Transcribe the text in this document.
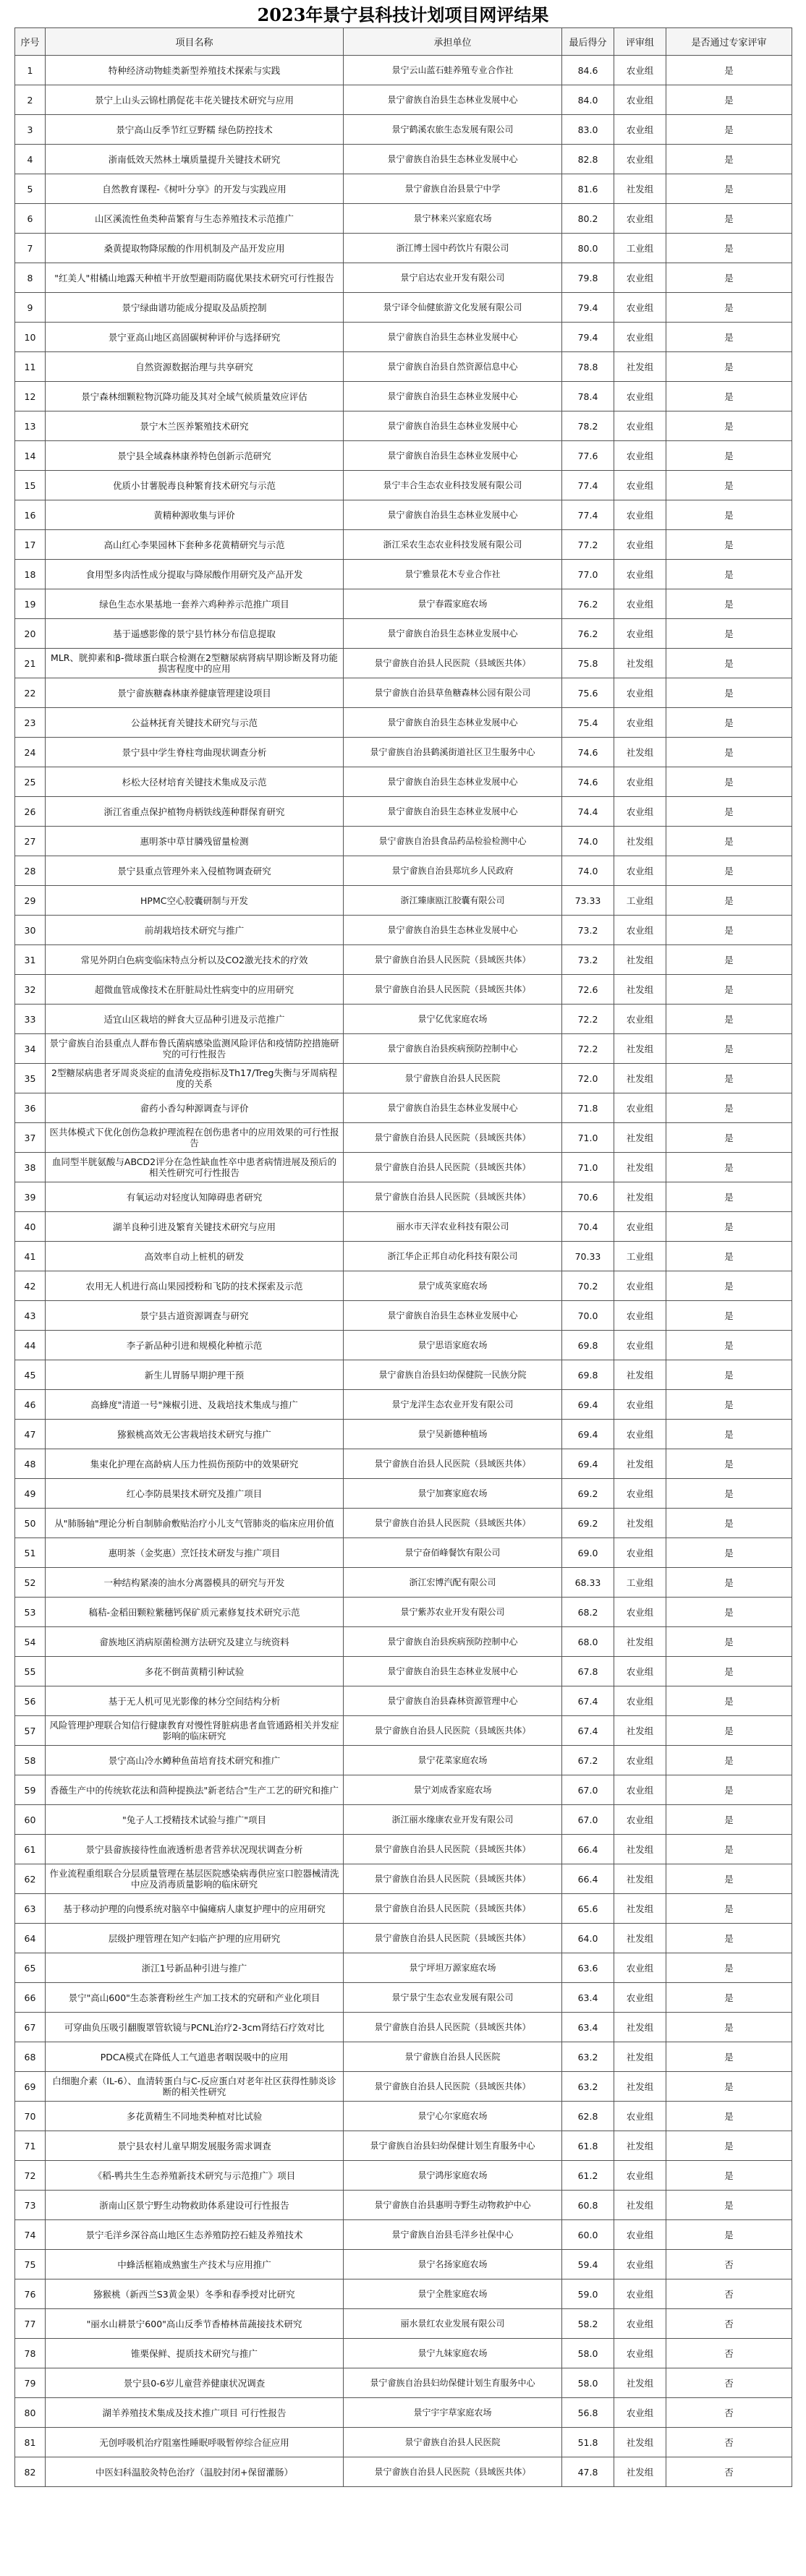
2023年景宁县科技计划项目网评结果
序号	项目名称	承担单位	最后得分	评审组	是否通过专家评审
1	特种经济动物蛙类新型养殖技术探索与实践	景宁云山蓝石蛙养殖专业合作社	84.6	农业组	是
2	景宁上山头云锦杜鹃促花丰花关键技术研究与应用	景宁畲族自治县生态林业发展中心	84.0	农业组	是
3	景宁高山反季节红豆野糯 绿色防控技术	景宁鹤溪农旅生态发展有限公司	83.0	农业组	是
4	浙南低效天然林土壤质量提升关键技术研究	景宁畲族自治县生态林业发展中心	82.8	农业组	是
5	自然教育课程-《树叶分享》的开发与实践应用	景宁畲族自治县景宁中学	81.6	社发组	是
6	山区溪流性鱼类种苗繁育与生态养殖技术示范推广	景宁林来兴家庭农场	80.2	农业组	是
7	桑黄提取物降尿酸的作用机制及产品开发应用	浙江博士园中药饮片有限公司	80.0	工业组	是
8	"红美人"柑橘山地露天种植半开放型避雨防腐优果技术研究可行性报告	景宁启达农业开发有限公司	79.8	农业组	是
9	景宁绿曲谱功能成分提取及品质控制	景宁译令仙健旅游文化发展有限公司	79.4	农业组	是
10	景宁亚高山地区高固碳树种评价与选择研究	景宁畲族自治县生态林业发展中心	79.4	农业组	是
11	自然资源数据治理与共享研究	景宁畲族自治县自然资源信息中心	78.8	社发组	是
12	景宁森林细颗粒物沉降功能及其对全域气候质量效应评估	景宁畲族自治县生态林业发展中心	78.4	农业组	是
13	景宁木兰医养繁殖技术研究	景宁畲族自治县生态林业发展中心	78.2	农业组	是
14	景宁县全域森林康养特色创新示范研究	景宁畲族自治县生态林业发展中心	77.6	农业组	是
15	优质小甘薯脱毒良种繁育技术研究与示范	景宁丰合生态农业科技发展有限公司	77.4	农业组	是
16	黄精种源收集与评价	景宁畲族自治县生态林业发展中心	77.4	农业组	是
17	高山红心李果园林下套种多花黄精研究与示范	浙江采农生态农业科技发展有限公司	77.2	农业组	是
18	食用型多肉活性成分提取与降尿酸作用研究及产品开发	景宁雅景花木专业合作社	77.0	农业组	是
19	绿色生态水果基地一套养六鸡种养示范推广项目	景宁春霞家庭农场	76.2	农业组	是
20	基于遥感影像的景宁县竹林分布信息提取	景宁畲族自治县生态林业发展中心	76.2	农业组	是
21	MLR、胱抑素和β-微球蛋白联合检测在2型糖尿病肾病早期诊断及肾功能损害程度中的应用	景宁畲族自治县人民医院（县域医共体）	75.8	社发组	是
22	景宁畲族糖森林康养健康管理建设项目	景宁畲族自治县草鱼糖森林公园有限公司	75.6	农业组	是
23	公益林抚育关键技术研究与示范	景宁畲族自治县生态林业发展中心	75.4	农业组	是
24	景宁县中学生脊柱弯曲现状调查分析	景宁畲族自治县鹤溪街道社区卫生服务中心	74.6	社发组	是
25	杉松大径材培育关键技术集成及示范	景宁畲族自治县生态林业发展中心	74.6	农业组	是
26	浙江省重点保护植物舟柄铁线莲种群保育研究	景宁畲族自治县生态林业发展中心	74.4	农业组	是
27	惠明茶中草甘膦残留量检测	景宁畲族自治县食品药品检验检测中心	74.0	社发组	是
28	景宁县重点管理外来入侵植物调查研究	景宁畲族自治县郑坑乡人民政府	74.0	农业组	是
29	HPMC空心胶囊研制与开发	浙江臻康瓯江胶囊有限公司	73.33	工业组	是
30	前胡栽培技术研究与推广	景宁畲族自治县生态林业发展中心	73.2	农业组	是
31	常见外阴白色病变临床特点分析以及CO2激光技术的疗效	景宁畲族自治县人民医院（县域医共体）	73.2	社发组	是
32	超微血管成像技术在肝脏局灶性病变中的应用研究	景宁畲族自治县人民医院（县域医共体）	72.6	社发组	是
33	适宜山区栽培的鲜食大豆品种引进及示范推广	景宁亿优家庭农场	72.2	农业组	是
34	景宁畲族自治县重点人群布鲁氏菌病感染监测风险评估和疫情防控措施研究的可行性报告	景宁畲族自治县疾病预防控制中心	72.2	社发组	是
35	2型糖尿病患者牙周炎炎症的血清免疫指标及Th17/Treg失衡与牙周病程度的关系	景宁畲族自治县人民医院	72.0	社发组	是
36	畲药小香勾种源调查与评价	景宁畲族自治县生态林业发展中心	71.8	农业组	是
37	医共体模式下优化创伤急救护理流程在创伤患者中的应用效果的可行性报告	景宁畲族自治县人民医院（县域医共体）	71.0	社发组	是
38	血同型半胱氨酸与ABCD2评分在急性缺血性卒中患者病情进展及预后的相关性研究可行性报告	景宁畲族自治县人民医院（县域医共体）	71.0	社发组	是
39	有氧运动对轻度认知障碍患者研究	景宁畲族自治县人民医院（县域医共体）	70.6	社发组	是
40	湖羊良种引进及繁育关键技术研究与应用	丽水市天洋农业科技有限公司	70.4	农业组	是
41	高效率自动上桩机的研发	浙江华企正邦自动化科技有限公司	70.33	工业组	是
42	农用无人机进行高山果园授粉和飞防的技术探索及示范	景宁成英家庭农场	70.2	农业组	是
43	景宁县古道资源调查与研究	景宁畲族自治县生态林业发展中心	70.0	农业组	是
44	李子新品种引进和规模化种植示范	景宁思语家庭农场	69.8	农业组	是
45	新生儿胃肠早期护理干预	景宁畲族自治县妇幼保健院一民族分院	69.8	社发组	是
46	高蜂度"清道一号"辣椒引进、及栽培技术集成与推广	景宁龙洋生态农业开发有限公司	69.4	农业组	是
47	猕猴桃高效无公害栽培技术研究与推广	景宁吴新德种植场	69.4	农业组	是
48	集束化护理在高龄病人压力性损伤预防中的效果研究	景宁畲族自治县人民医院（县域医共体）	69.4	社发组	是
49	红心李防晨果技术研究及推广项目	景宁加赛家庭农场	69.2	农业组	是
50	从"肺肠轴"理论分析自制肺俞敷贴治疗小儿支气管肺炎的临床应用价值	景宁畲族自治县人民医院（县域医共体）	69.2	社发组	是
51	惠明茶（金奖惠）烹饪技术研发与推广项目	景宁奋佰峰餐饮有限公司	69.0	农业组	是
52	一种结构紧凑的油水分离器模具的研究与开发	浙江宏博汽配有限公司	68.33	工业组	是
53	稿秸-金稻田颗粒紫穗钙保矿质元素修复技术研究示范	景宁紫苏农业开发有限公司	68.2	农业组	是
54	畲族地区消病原菌检测方法研究及建立与统资料	景宁畲族自治县疾病预防控制中心	68.0	社发组	是
55	多花不倒苗黄精引种试验	景宁畲族自治县生态林业发展中心	67.8	农业组	是
56	基于无人机可见光影像的林分空间结构分析	景宁畲族自治县森林资源管理中心	67.4	农业组	是
57	风险管理护理联合知信行健康教育对慢性肾脏病患者血管通路相关并发症影响的临床研究	景宁畲族自治县人民医院（县域医共体）	67.4	社发组	是
58	景宁高山冷水鳟种鱼苗培育技术研究和推广	景宁花菜家庭农场	67.2	农业组	是
59	香薇生产中的传统软花法和茴种提换法"新老结合"生产工艺的研究和推广	景宁刘成香家庭农场	67.0	农业组	是
60	"兔子人工授精技术试验与推广"项目	浙江丽水缘康农业开发有限公司	67.0	农业组	是
61	景宁县畲族接待性血液透析患者营养状况现状调查分析	景宁畲族自治县人民医院（县域医共体）	66.4	社发组	是
62	作业流程重组联合分层质量管理在基层医院感染病毒供应室口腔器械清洗中应及消毒质量影响的临床研究	景宁畲族自治县人民医院（县域医共体）	66.4	社发组	是
63	基于移动护理的向慢系统对脑卒中偏瘫病人康复护理中的应用研究	景宁畲族自治县人民医院（县域医共体）	65.6	社发组	是
64	层级护理管理在知产妇临产护理的应用研究	景宁畲族自治县人民医院（县域医共体）	64.0	社发组	是
65	浙江1号新品种引进与推广	景宁坪坦万源家庭农场	63.6	农业组	是
66	景宁"高山600"生态茶膏粉丝生产加工技术的究研和产业化项目	景宁景宁生态农业发展有限公司	63.4	农业组	是
67	可穿曲负压吸引翻腹罩管软镜与PCNL治疗2-3cm肾结石疗效对比	景宁畲族自治县人民医院（县域医共体）	63.4	社发组	是
68	PDCA模式在降低人工气道患者咽误吸中的应用	景宁畲族自治县人民医院	63.2	社发组	是
69	白细胞介素（IL-6）、血清转蛋白与C-反应蛋白对老年社区获得性肺炎诊断的相关性研究	景宁畲族自治县人民医院（县域医共体）	63.2	社发组	是
70	多花黄精生不同地类种植对比试验	景宁心尔家庭农场	62.8	农业组	是
71	景宁县农村儿童早期发展服务需求调查	景宁畲族自治县妇幼保健计划生育服务中心	61.8	社发组	是
72	《稻-鸭共生生态养殖新技术研究与示范推广》项目	景宁鸿彤家庭农场	61.2	农业组	是
73	浙南山区景宁野生动物救助体系建设可行性报告	景宁畲族自治县惠明寺野生动物救护中心	60.8	社发组	是
74	景宁毛洋乡深谷高山地区生态养殖防控石蛙及养殖技术	景宁畲族自治县毛洋乡社保中心	60.0	农业组	是
75	中蜂活框箱成熟蜜生产技术与应用推广	景宁名扬家庭农场	59.4	农业组	否
76	猕猴桃（新西兰S3黄金果）冬季和春季授对比研究	景宁全胜家庭农场	59.0	农业组	否
77	"丽水山耕景宁600"高山反季节香椿林苗蔬接技术研究	丽水景红农业发展有限公司	58.2	农业组	否
78	锥栗保鲜、提质技术研究与推广	景宁九妹家庭农场	58.0	农业组	否
79	景宁县0-6岁儿童营养健康状况调查	景宁畲族自治县妇幼保健计划生育服务中心	58.0	社发组	否
80	湖羊养殖技术集成及技术推广项目 可行性报告	景宁宇宇草家庭农场	56.8	农业组	否
81	无创呼吸机治疗阻塞性睡眠呼吸暂停综合征应用	景宁畲族自治县人民医院	51.8	社发组	否
82	中医妇科温胶灸特色治疗（温胶封闭+保留灌肠）	景宁畲族自治县人民医院（县域医共体）	47.8	社发组	否
